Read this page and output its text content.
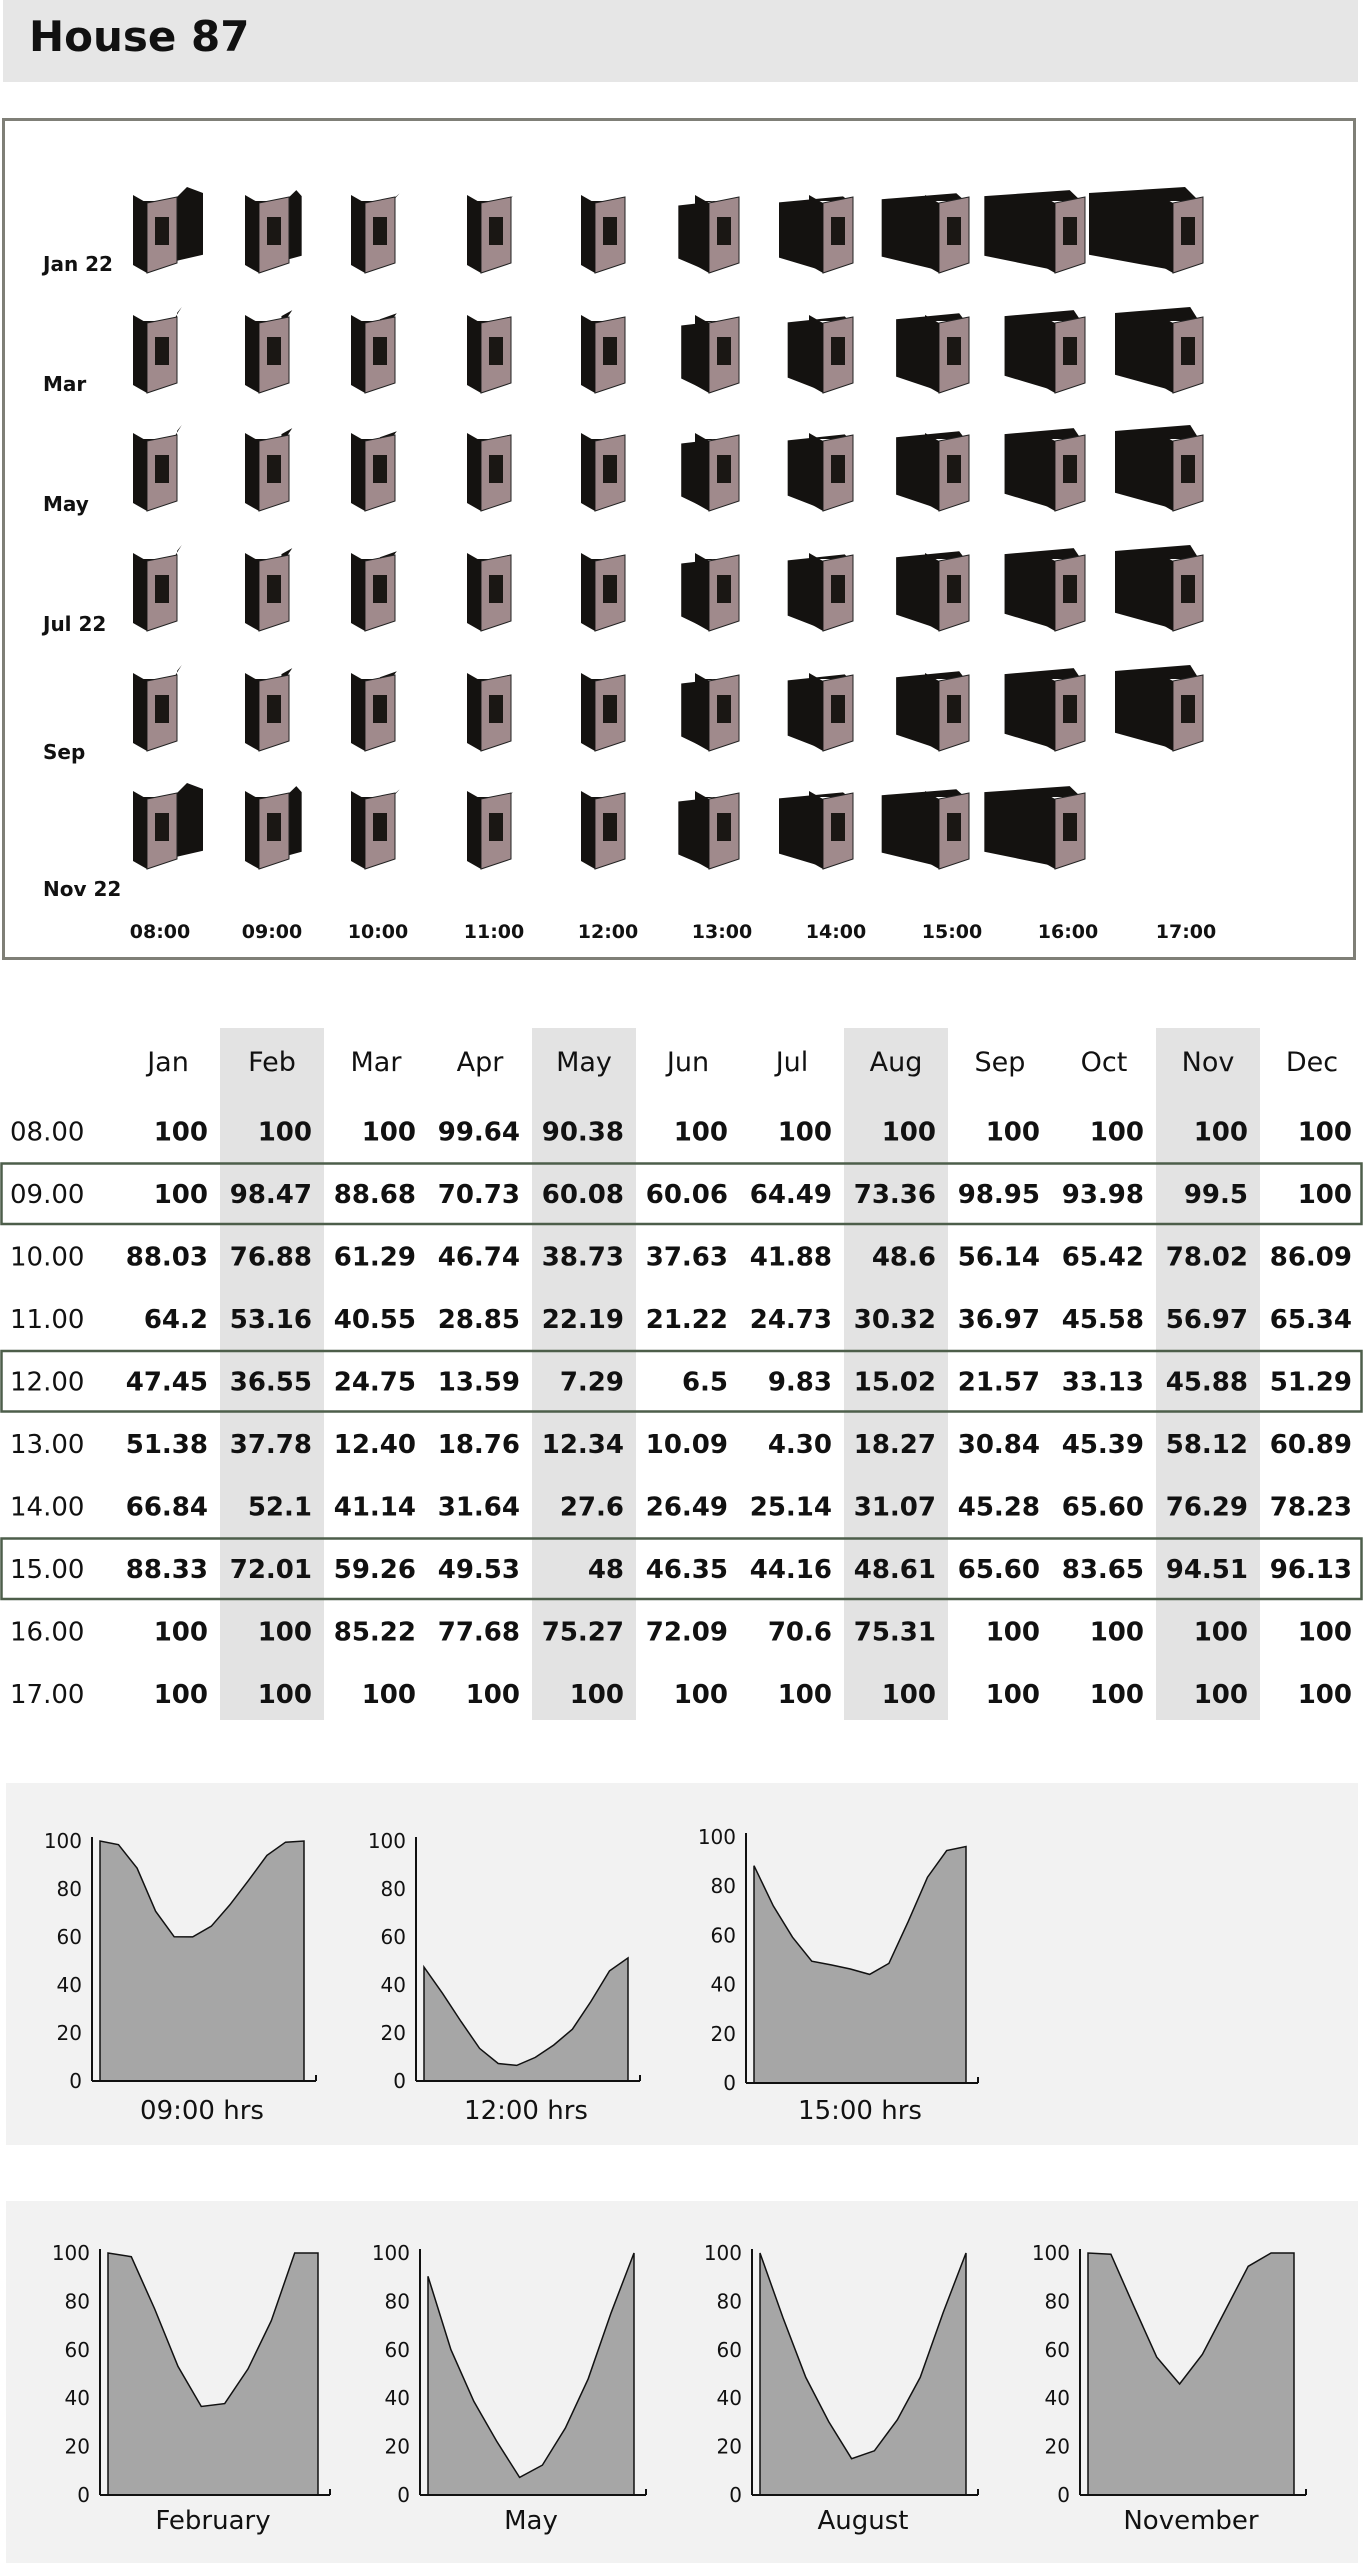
House 87
Jan 22
Mar
May
Jul 22
Sep
Nov 22
08:00	09:00 10:00	11:00	12:00	13:00	14:00	15:00	16:00	17:00
Jan Feb Mar Apr May Jun Jul Aug Sep Oct Nov Dec
08.00	100 100 100 99.64 90.38 100 100 100 100 100 100 100
09.00	100 98.47 88.68 70.73 60.08 60.06 64.49 73.36 98.95 93.98 99.5 100
10.00 88.03 76.88 61.29 46.74 38.73 37.63 41.88 48.6 56.14 65.42 78.02 86.09
11.00 64.2 53.16 40.55 28.85 22.19 21.22 24.73 30.32 36.97 45.58 56.97 65.34
12.00 47.45 36.55 24.75 13.59 7.29 6.5 9.83 15.02 21.57 33.13 45.88 51.29
13.00 51.38 37.78 12.40 18.76 12.34 10.09 4.30 18.27 30.84 45.39 58.12 60.89
14.00 66.84 52.1 41.14 31.64 27.6 26.49 25.14 31.07 45.28 65.60 76.29 78.23
15.00 88.33 72.01 59.26 49.53	48 46.35 44.16 48.61 65.60 83.65 94.51 96.13
16.00	100 100 85.22 77.68 75.27 72.09 70.6 75.31 100 100 100 100
17.00	100 100 100 100 100 100 100 100 100 100 100 100
0
20
40
60
80
100
09:00 hrs
0
20
40
60
80
100
12:00 hrs
0
20
40
60
80
100
15:00 hrs
0
20
40
60
80
100
February
0
20
40
60
80
100
May
0
20
40
60
80
100
August
0
20
40
60
80
100
November
